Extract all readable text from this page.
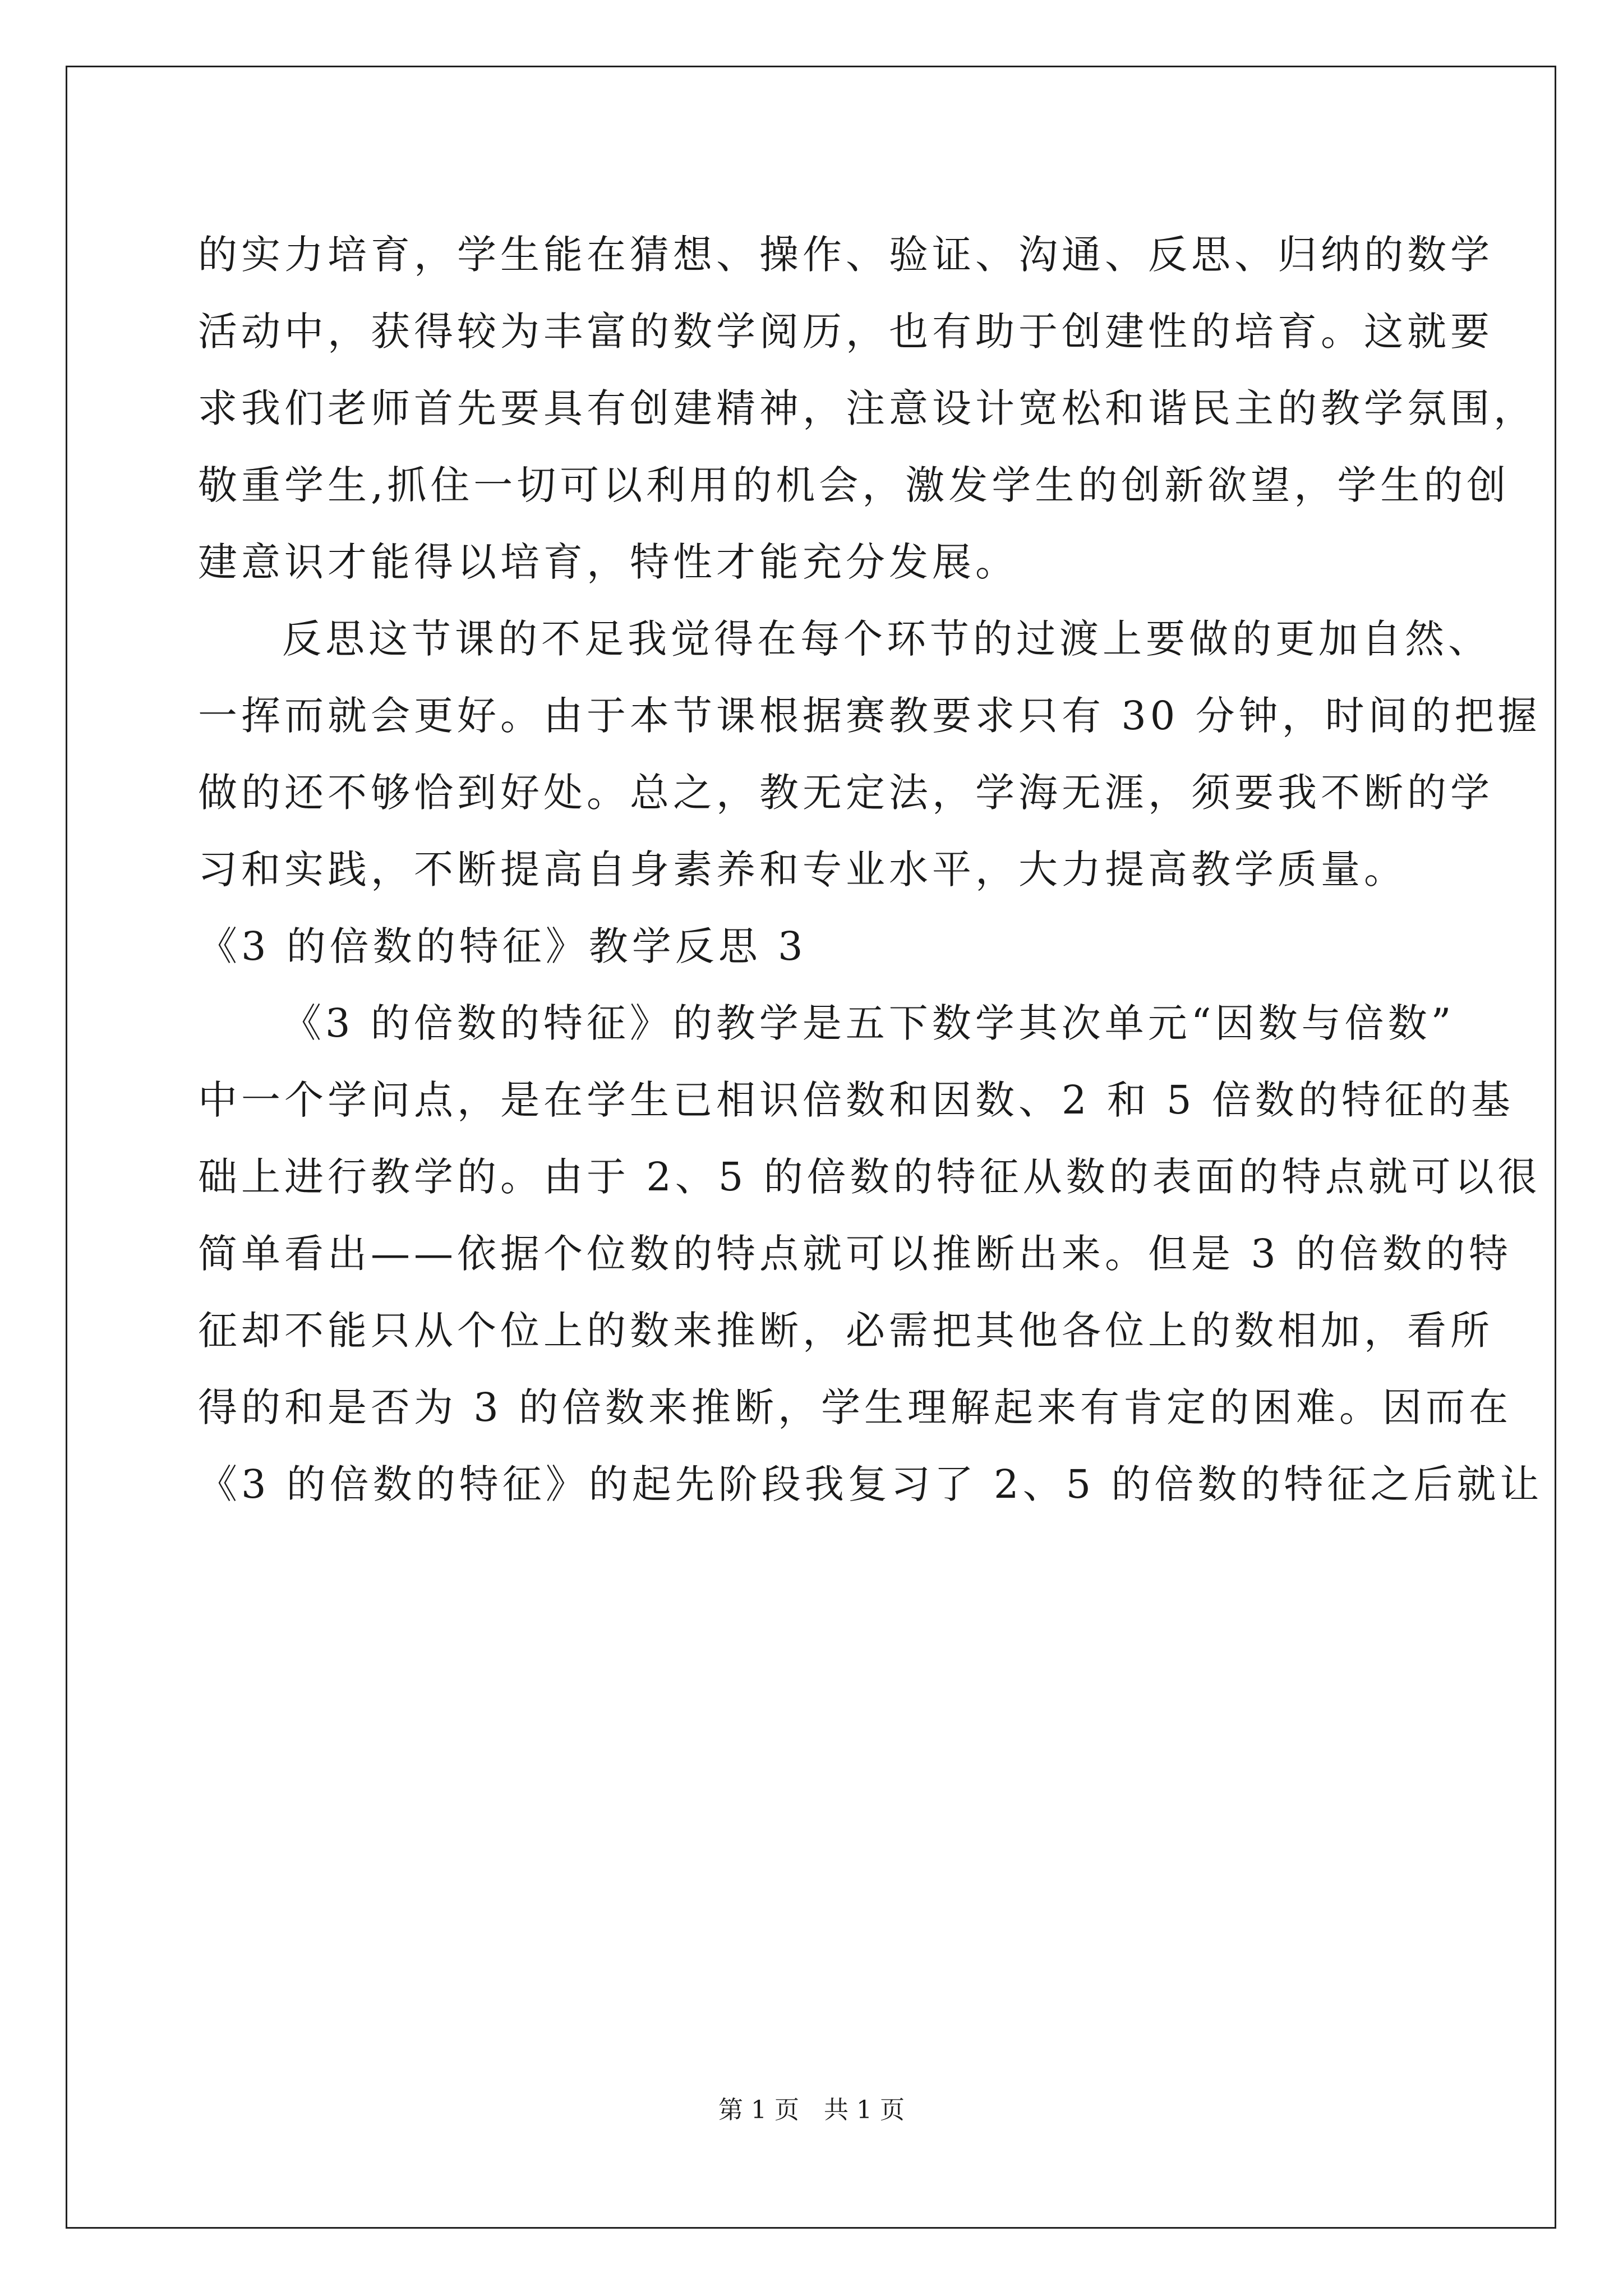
的实力培育，学生能在猜想、操作、验证、沟通、反思、归纳的数学
活动中，获得较为丰富的数学阅历，也有助于创建性的培育。这就要
求我们老师首先要具有创建精神，注意设计宽松和谐民主的教学氛围，
敬重学生,抓住一切可以利用的机会，激发学生的创新欲望，学生的创
建意识才能得以培育，特性才能充分发展。
反思这节课的不足我觉得在每个环节的过渡上要做的更加自然、
一挥而就会更好。由于本节课根据赛教要求只有 30 分钟，时间的把握
做的还不够恰到好处。总之，教无定法，学海无涯，须要我不断的学
习和实践，不断提高自身素养和专业水平，大力提高教学质量。
《3 的倍数的特征》教学反思 3
《3 的倍数的特征》的教学是五下数学其次单元“因数与倍数”
中一个学问点，是在学生已相识倍数和因数、2 和 5 倍数的特征的基
础上进行教学的。由于 2、5 的倍数的特征从数的表面的特点就可以很
简单看出——依据个位数的特点就可以推断出来。但是 3 的倍数的特
征却不能只从个位上的数来推断，必需把其他各位上的数相加，看所
得的和是否为 3 的倍数来推断，学生理解起来有肯定的困难。因而在
《3 的倍数的特征》的起先阶段我复习了 2、5 的倍数的特征之后就让
第 1 页　共 1 页
